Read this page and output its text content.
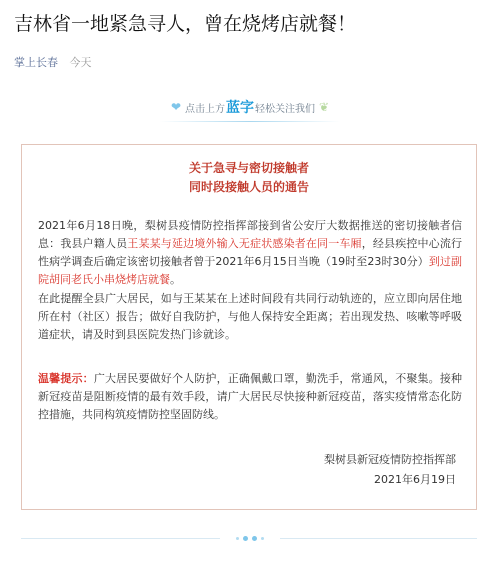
吉林省一地紧急寻人，曾在烧烤店就餐！
掌上长春 今天
❤ 点击上方 蓝字 轻松关注我们 ❦
关于急寻与密切接触者
同时段接触人员的通告

2021年6月18日晚，梨树县疫情防控指挥部接到省公安厅大数据推送的密切接触者信息：我县户籍人员王某某与延边境外输入无症状感染者在同一车厢，经县疾控中心流行性病学调查后确定该密切接触者曾于2021年6月15日当晚（19时至23时30分）到过副院胡同老氏小串烧烤店就餐。

在此提醒全县广大居民，如与王某某在上述时间段有共同行动轨迹的，应立即向居住地所在村（社区）报告；做好自我防护，与他人保持安全距离；若出现发热、咳嗽等呼吸道症状，请及时到县医院发热门诊就诊。

温馨提示：广大居民要做好个人防护，正确佩戴口罩，勤洗手，常通风，不聚集。接种新冠疫苗是阻断疫情的最有效手段，请广大居民尽快接种新冠疫苗，落实疫情常态化防控措施，共同构筑疫情防控坚固防线。

梨树县新冠疫情防控指挥部
2021年6月19日
